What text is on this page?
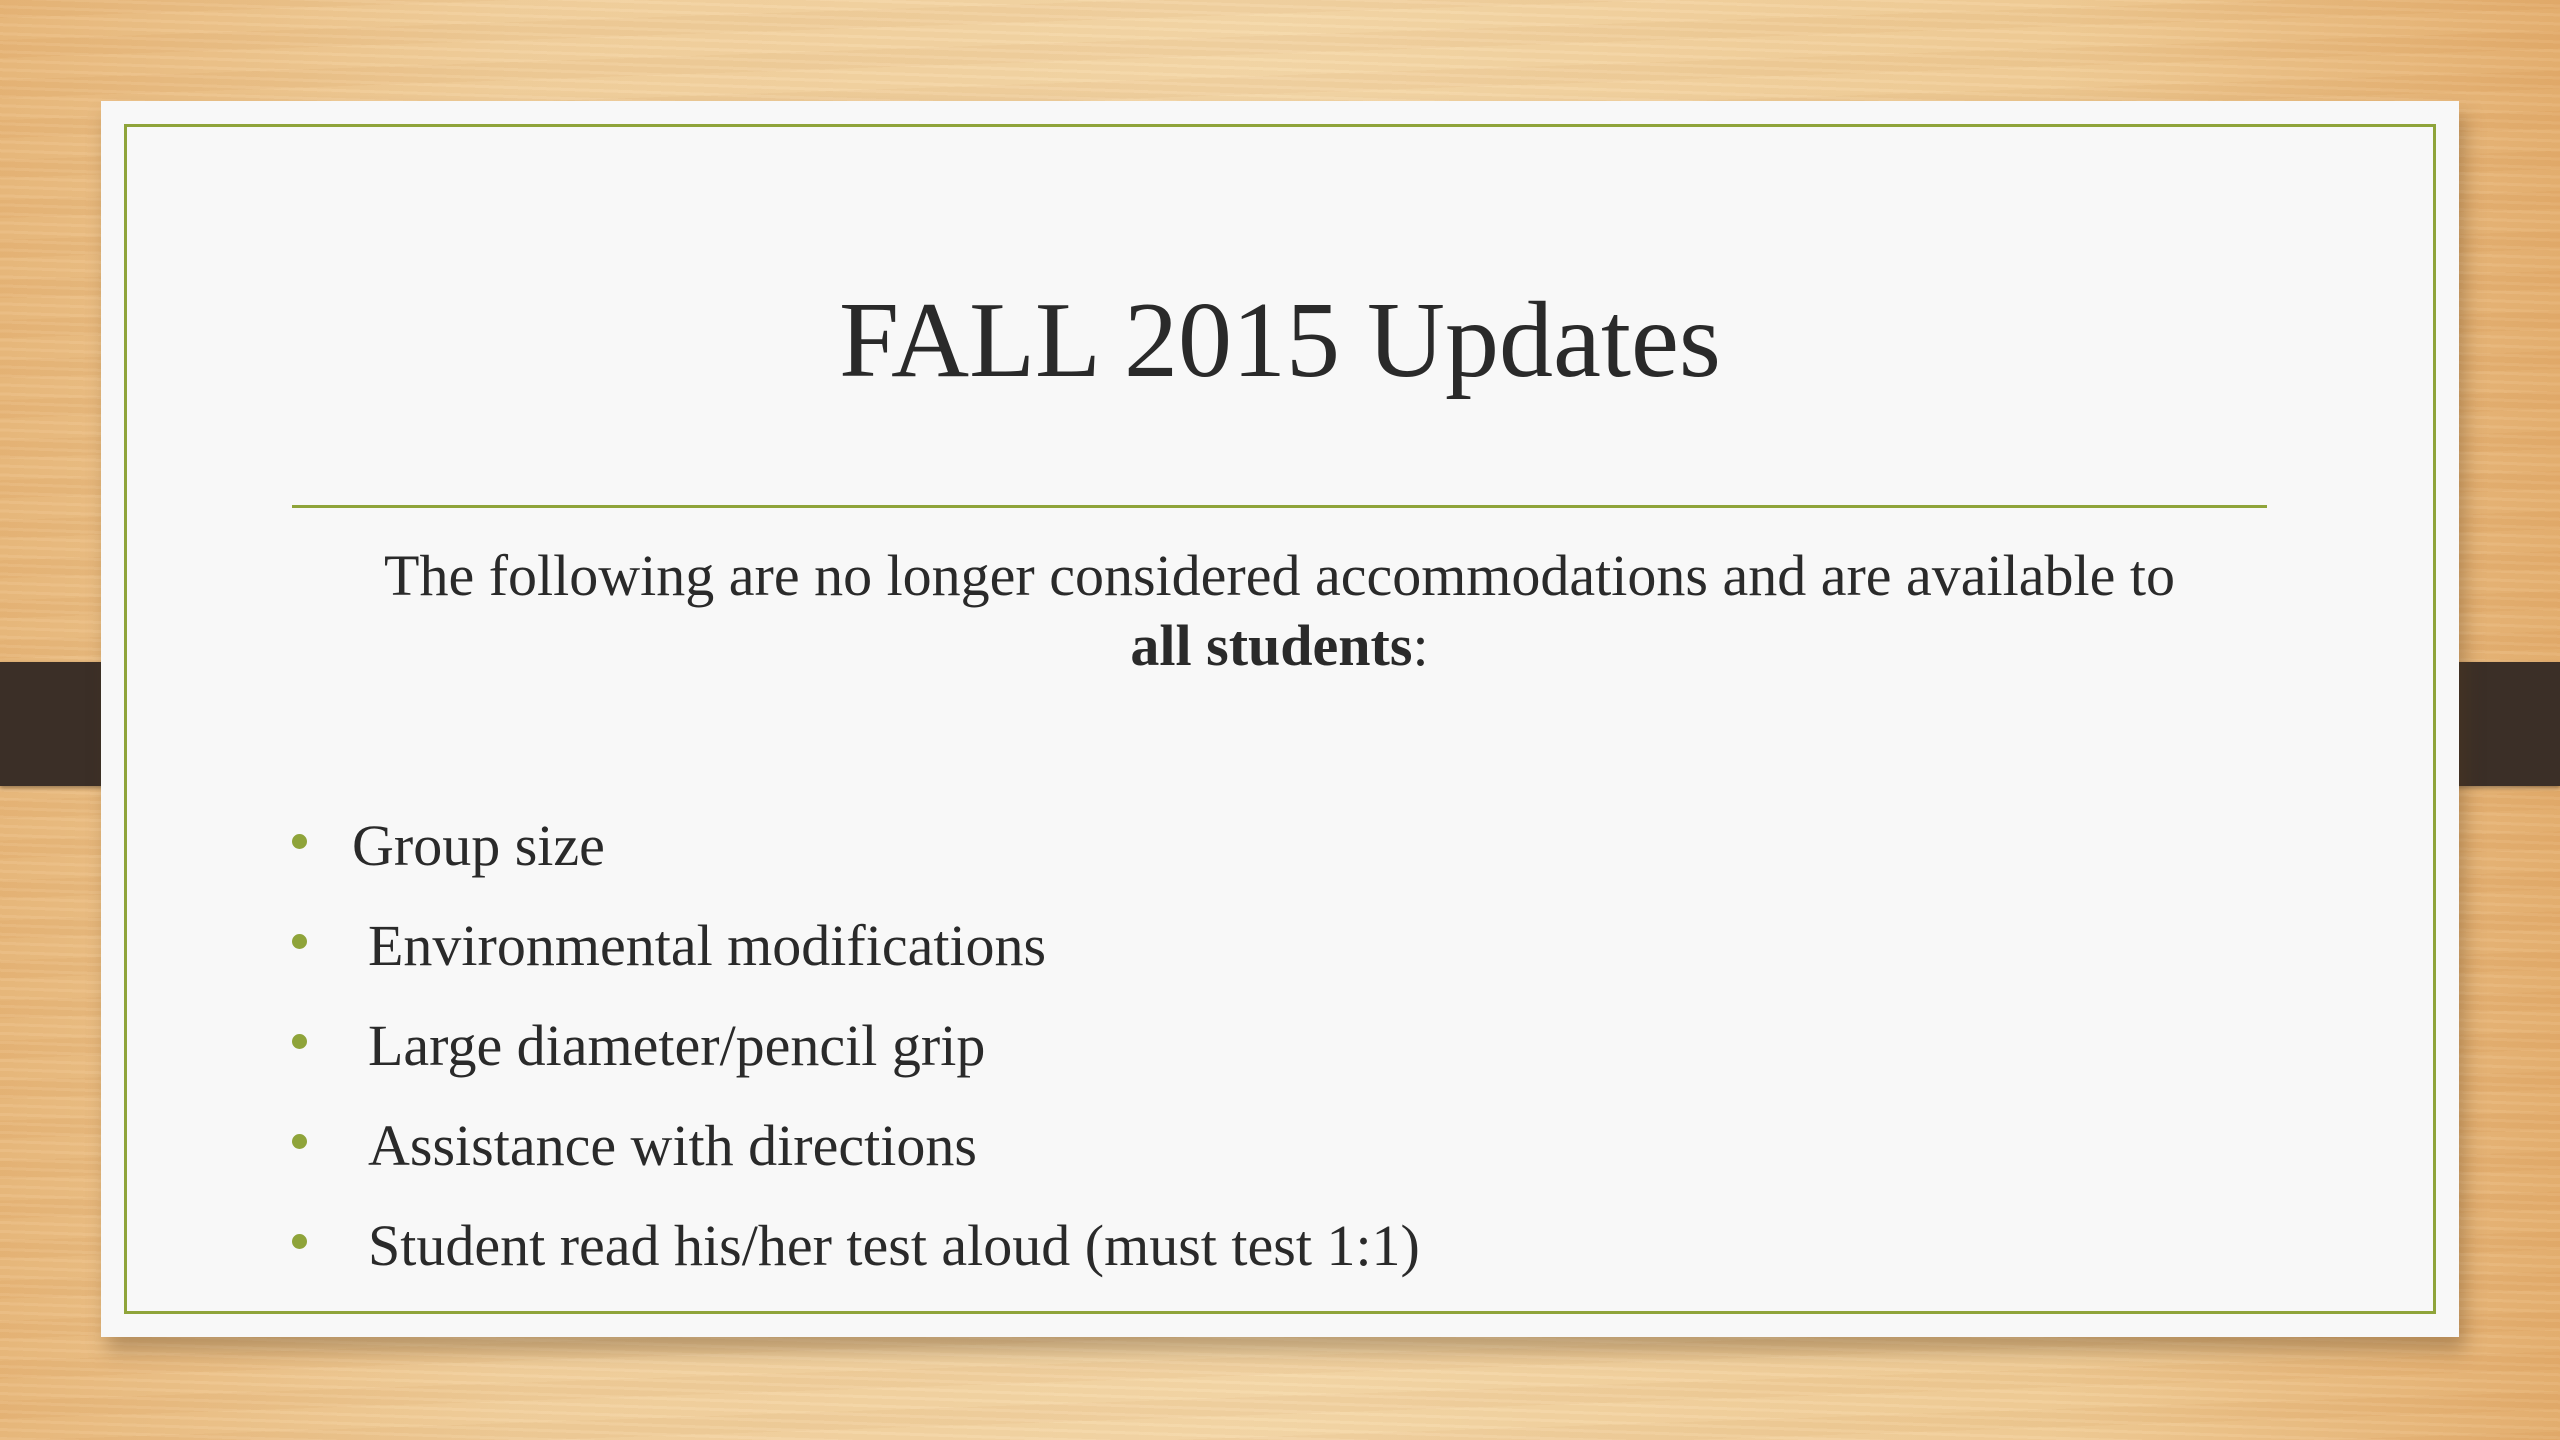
FALL 2015 Updates
The following are no longer considered accommodations and are available to
all students:
Group size
Environmental modifications
Large diameter/pencil grip
Assistance with directions
Student read his/her test aloud (must test 1:1)
